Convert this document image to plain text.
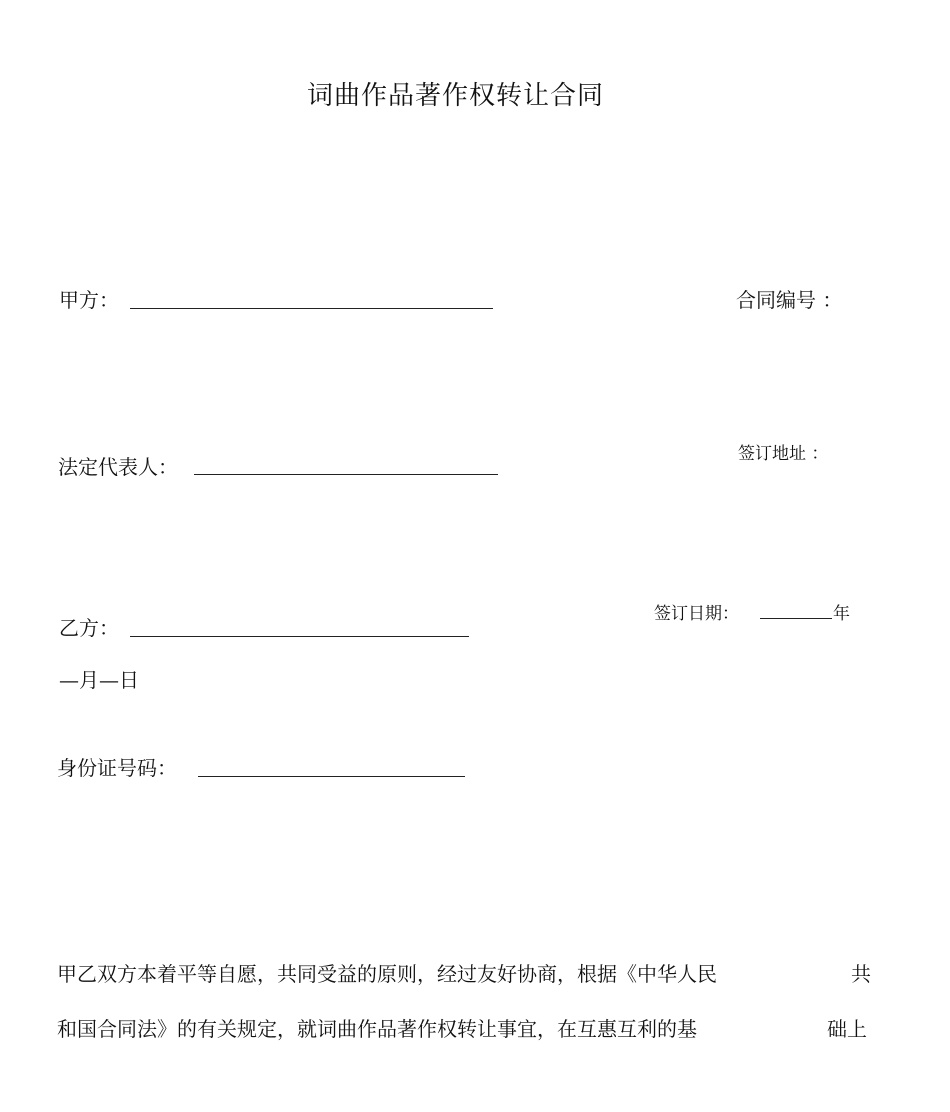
词曲作品著作权转让合同
甲方：	合同编号 ：
签订地址 ：
法定代表人：
签订日期：	年
乙方：
—月—日
身份证号码：
甲乙双方本着平等自愿，共同受益的原则，经过友好协商，根据《中华人民	共
和国合同法》的有关规定，就词曲作品著作权转让事宜，在互惠互利的基	础上
